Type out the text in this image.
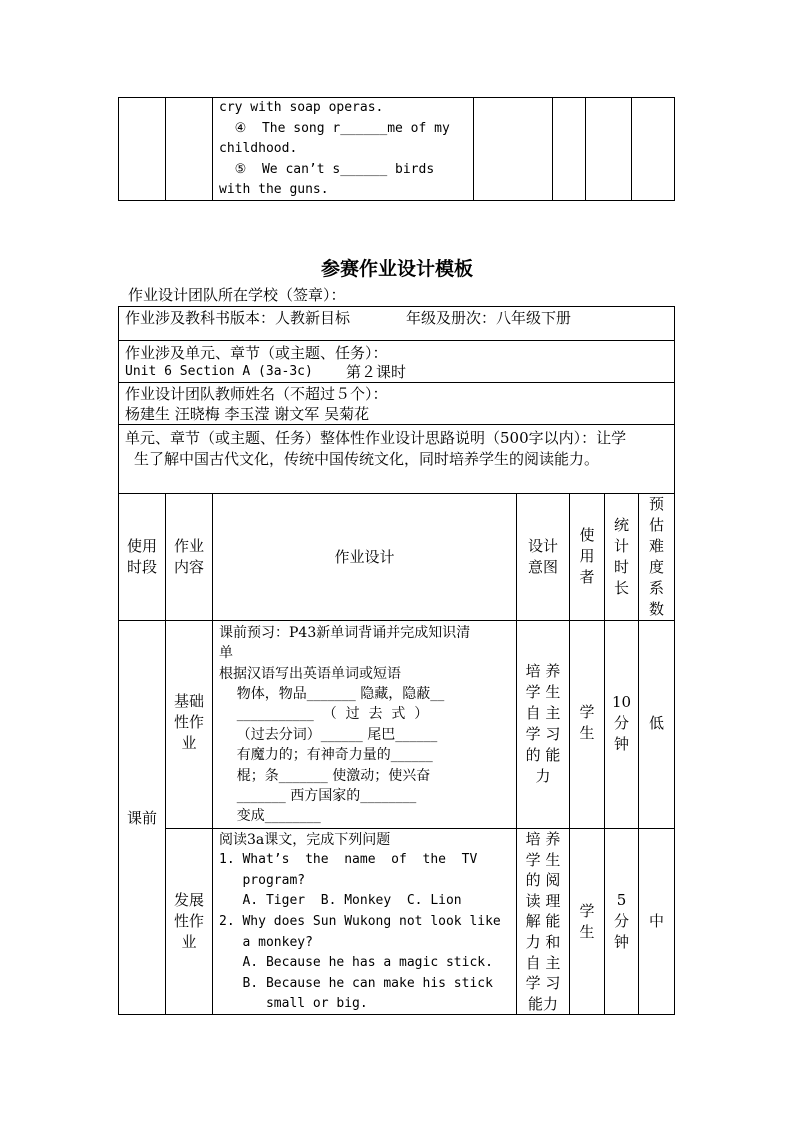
cry with soap operas.
④  The song r______me of my
childhood.
⑤  We can’t s______ birds
with the guns.
参赛作业设计模板
作业设计团队所在学校（签章）：
作业涉及教科书版本：人教新目标	年级及册次：八年级下册
作业涉及单元、章节（或主题、任务）：
Unit 6 Section A (3a-3c) 第２课时
作业设计团队教师姓名（不超过５个）：
杨建生 汪晓梅 李玉滢 谢文军 吴菊花
单元、章节（或主题、任务）整体性作业设计思路说明（500字以内）：让学
生了解中国古代文化，传统中国传统文化，同时培养学生的阅读能力。
使用
时段
作业
内容
作业设计
设计
意图
使
用
者
统
计
时
长
预
估
难
度
系
数
课前
基础
性作
业
课前预习：P43新单词背诵并完成知识清
单
根据汉语写出英语单词或短语
物体，物品_______ 隐藏，隐蔽__
___________  （  过  去  式  ）
（过去分词）______ 尾巴______
有魔力的；有神奇力量的______
棍；条_______ 使激动；使兴奋
_______ 西方国家的________
变成________
培 养
学 生
自 主
学 习
的 能
力
学
生
10
分
钟
低
发展
性作
业
阅读3a课文，完成下列问题
1. What’s  the  name  of  the  TV
program?
A. Tiger  B. Monkey  C. Lion
2. Why does Sun Wukong not look like
a monkey?
A. Because he has a magic stick.
B. Because he can make his stick
small or big.
培 养
学 生
的 阅
读 理
解 能
力 和
自 主
学 习
能力
学
生
5
分
钟
中
